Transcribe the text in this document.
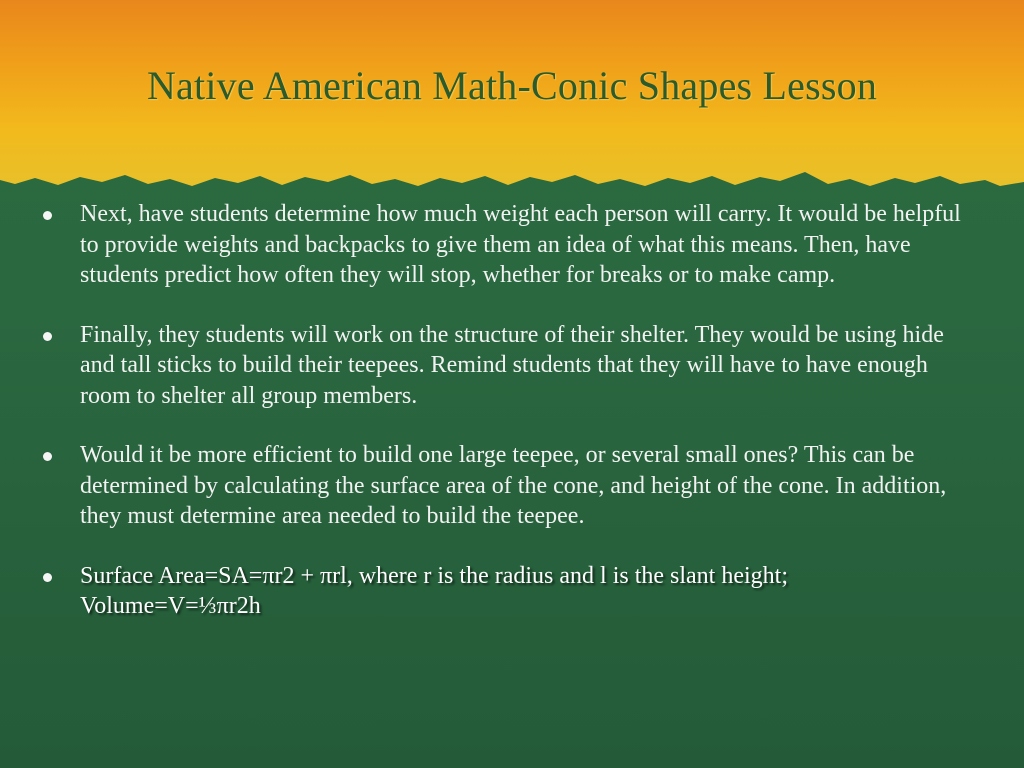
Native American Math-Conic Shapes Lesson
Next, have students determine how much weight each person will carry. It would be helpful to provide weights and backpacks to give them an idea of what this means. Then, have students predict how often they will stop, whether for breaks or to make camp.
Finally, they students will work on the structure of their shelter. They would be using hide and tall sticks to build their teepees. Remind students that they will have to have enough room to shelter all group members.
Would it be more efficient to build one large teepee, or several small ones? This can be determined by calculating the surface area of the cone, and height of the cone. In addition, they must determine area needed to build the teepee.
Surface Area=SA=πr2 + πrl, where r is the radius and l is the slant height; Volume=V=⅓πr2h
